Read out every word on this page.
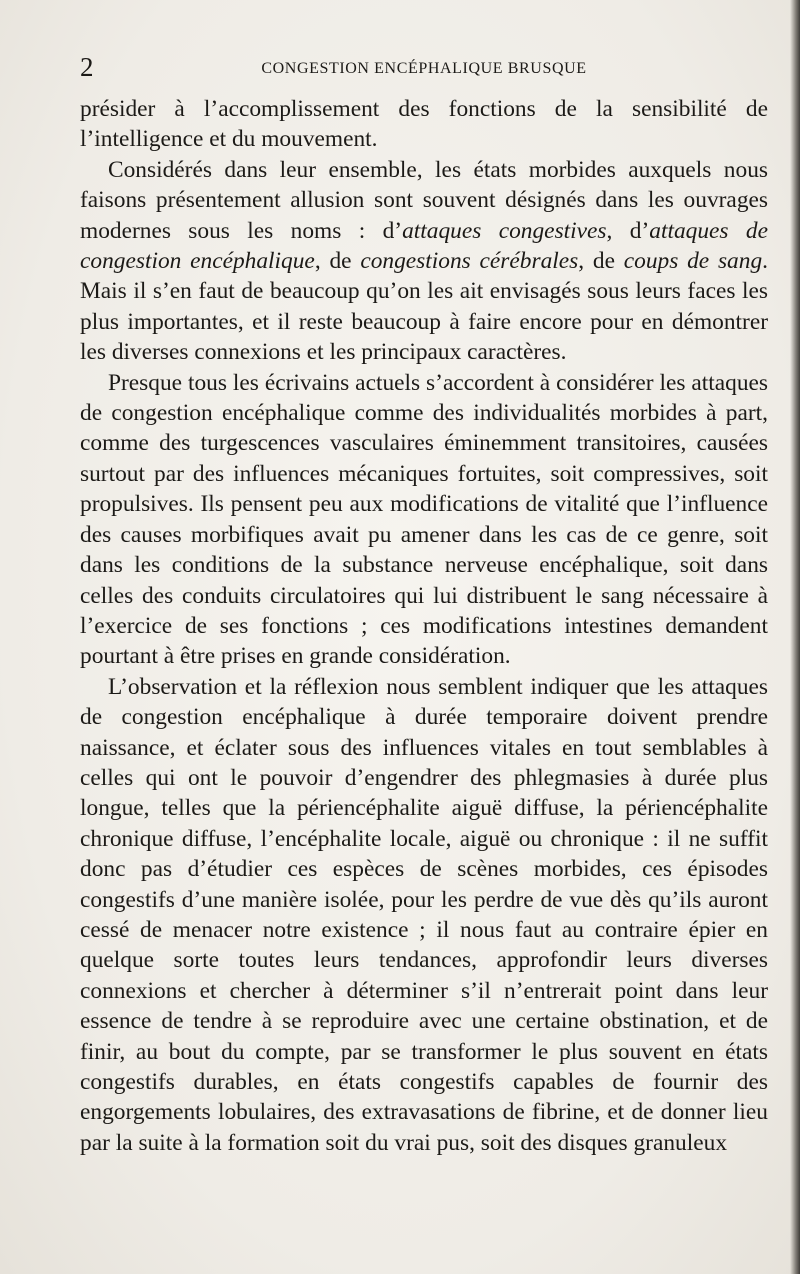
2	CONGESTION ENCÉPHALIQUE BRUSQUE

présider à l’accomplissement des fonctions de la sensibilité de l’intelligence et du mouvement.

Considérés dans leur ensemble, les états morbides auxquels nous faisons présentement allusion sont souvent désignés dans les ouvrages modernes sous les noms : d’attaques congestives, d’attaques de congestion encéphalique, de congestions cérébrales, de coups de sang. Mais il s’en faut de beaucoup qu’on les ait envisagés sous leurs faces les plus importantes, et il reste beaucoup à faire encore pour en démontrer les diverses connexions et les principaux caractères.

Presque tous les écrivains actuels s’accordent à considérer les attaques de congestion encéphalique comme des individualités morbides à part, comme des turgescences vasculaires éminemment transitoires, causées surtout par des influences mécaniques fortuites, soit compressives, soit propulsives. Ils pensent peu aux modifications de vitalité que l’influence des causes morbifiques avait pu amener dans les cas de ce genre, soit dans les conditions de la substance nerveuse encéphalique, soit dans celles des conduits circulatoires qui lui distribuent le sang nécessaire à l’exercice de ses fonctions ; ces modifications intestines demandent pourtant à être prises en grande considération.

L’observation et la réflexion nous semblent indiquer que les attaques de congestion encéphalique à durée temporaire doivent prendre naissance, et éclater sous des influences vitales en tout semblables à celles qui ont le pouvoir d’engendrer des phlegmasies à durée plus longue, telles que la périencéphalite aiguë diffuse, la périencéphalite chronique diffuse, l’encéphalite locale, aiguë ou chronique : il ne suffit donc pas d’étudier ces espèces de scènes morbides, ces épisodes congestifs d’une manière isolée, pour les perdre de vue dès qu’ils auront cessé de menacer notre existence ; il nous faut au contraire épier en quelque sorte toutes leurs tendances, approfondir leurs diverses connexions et chercher à déterminer s’il n’entrerait point dans leur essence de tendre à se reproduire avec une certaine obstination, et de finir, au bout du compte, par se transformer le plus souvent en états congestifs durables, en états congestifs capables de fournir des engorgements lobulaires, des extravasations de fibrine, et de donner lieu par la suite à la formation soit du vrai pus, soit des disques granuleux
